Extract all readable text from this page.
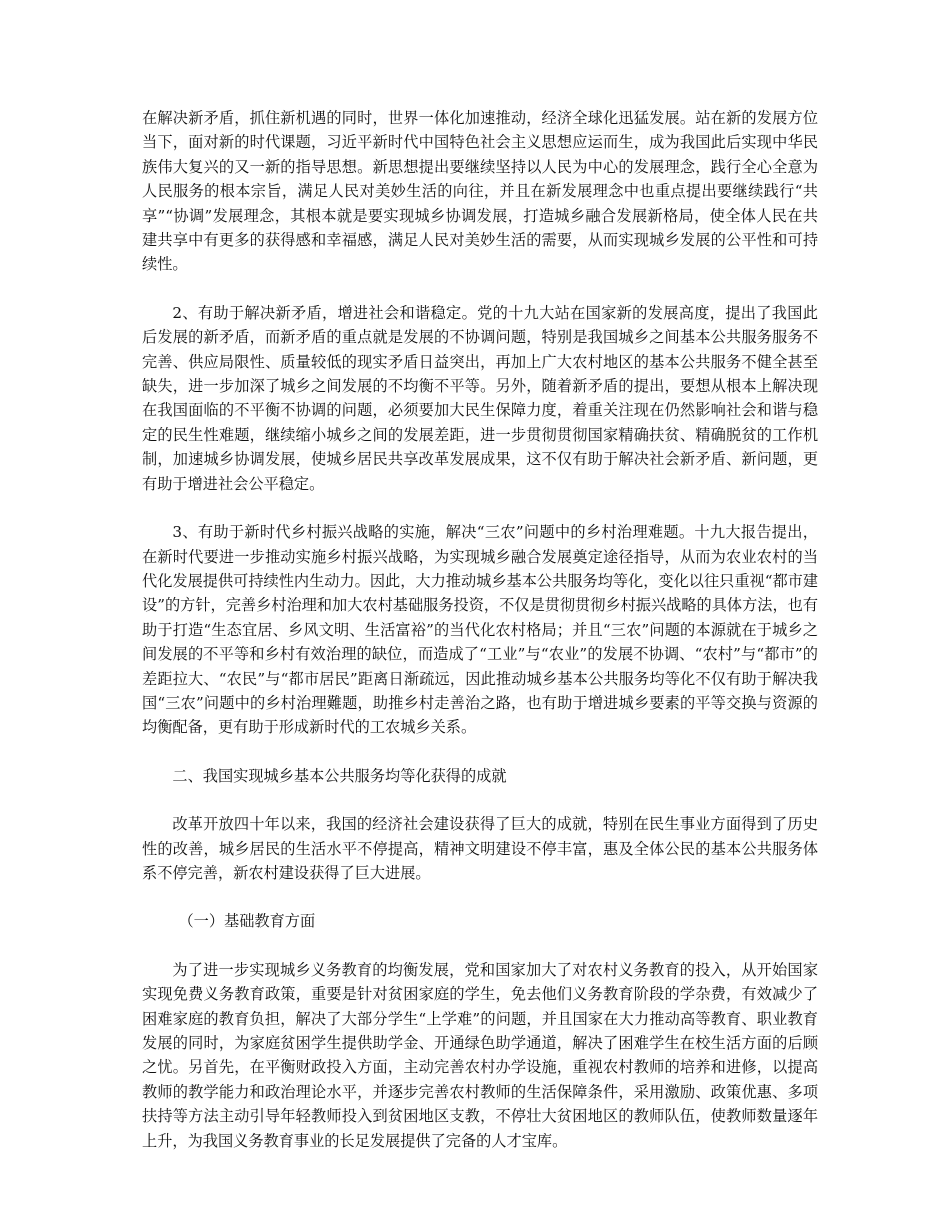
在解决新矛盾，抓住新机遇的同时，世界一体化加速推动，经济全球化迅猛发展。站在新的发展方位当下，面对新的时代课题，习近平新时代中国特色社会主义思想应运而生，成为我国此后实现中华民族伟大复兴的又一新的指导思想。新思想提出要继续坚持以人民为中心的发展理念，践行全心全意为人民服务的根本宗旨，满足人民对美妙生活的向往，并且在新发展理念中也重点提出要继续践行“共享”“协调”发展理念，其根本就是要实现城乡协调发展，打造城乡融合发展新格局，使全体人民在共建共享中有更多的获得感和幸福感，满足人民对美妙生活的需要，从而实现城乡发展的公平性和可持续性。

2、有助于解决新矛盾，增进社会和谐稳定。党的十九大站在国家新的发展高度，提出了我国此后发展的新矛盾，而新矛盾的重点就是发展的不协调问题，特别是我国城乡之间基本公共服务服务不完善、供应局限性、质量较低的现实矛盾日益突出，再加上广大农村地区的基本公共服务不健全甚至缺失，进一步加深了城乡之间发展的不均衡不平等。另外，随着新矛盾的提出，要想从根本上解决现在我国面临的不平衡不协调的问题，必须要加大民生保障力度，着重关注现在仍然影响社会和谐与稳定的民生性难题，继续缩小城乡之间的发展差距，进一步贯彻贯彻国家精确扶贫、精确脱贫的工作机制，加速城乡协调发展，使城乡居民共享改革发展成果，这不仅有助于解决社会新矛盾、新问题，更有助于增进社会公平稳定。

3、有助于新时代乡村振兴战略的实施，解决“三农”问题中的乡村治理难题。十九大报告提出，在新时代要进一步推动实施乡村振兴战略，为实现城乡融合发展奠定途径指导，从而为农业农村的当代化发展提供可持续性内生动力。因此，大力推动城乡基本公共服务均等化，变化以往只重视“都市建设”的方针，完善乡村治理和加大农村基础服务投资，不仅是贯彻贯彻乡村振兴战略的具体方法，也有助于打造“生态宜居、乡风文明、生活富裕”的当代化农村格局；并且“三农”问题的本源就在于城乡之间发展的不平等和乡村有效治理的缺位，而造成了“工业”与“农业”的发展不协调、“农村”与“都市”的差距拉大、“农民”与“都市居民”距离日渐疏远，因此推动城乡基本公共服务均等化不仅有助于解决我国“三农”问题中的乡村治理難题，助推乡村走善治之路，也有助于增进城乡要素的平等交换与资源的均衡配备，更有助于形成新时代的工农城乡关系。

二、我国实现城乡基本公共服务均等化获得的成就

改革开放四十年以来，我国的经济社会建设获得了巨大的成就，特别在民生事业方面得到了历史性的改善，城乡居民的生活水平不停提高，精神文明建设不停丰富，惠及全体公民的基本公共服务体系不停完善，新农村建设获得了巨大进展。

（一）基础教育方面

为了进一步实现城乡义务教育的均衡发展，党和国家加大了对农村义务教育的投入，从开始国家实现免费义务教育政策，重要是针对贫困家庭的学生，免去他们义务教育阶段的学杂费，有效减少了困难家庭的教育负担，解决了大部分学生“上学难”的问题，并且国家在大力推动高等教育、职业教育发展的同时，为家庭贫困学生提供助学金、开通绿色助学通道，解决了困难学生在校生活方面的后顾之忧。另首先，在平衡财政投入方面，主动完善农村办学设施，重视农村教师的培养和进修，以提高教师的教学能力和政治理论水平，并逐步完善农村教师的生活保障条件，采用激励、政策优惠、多项扶持等方法主动引导年轻教师投入到贫困地区支教，不停壮大贫困地区的教师队伍，使教师数量逐年上升，为我国义务教育事业的长足发展提供了完备的人才宝库。
